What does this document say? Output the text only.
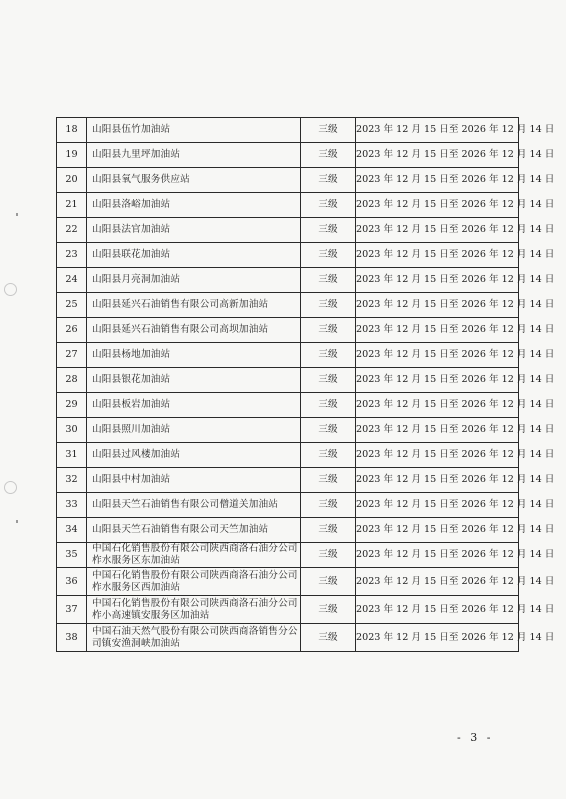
18	山阳县伍竹加油站	三级	2023 年 12 月 15 日至 2026 年 12 月 14 日
19	山阳县九里坪加油站	三级	2023 年 12 月 15 日至 2026 年 12 月 14 日
20	山阳县氧气服务供应站	三级	2023 年 12 月 15 日至 2026 年 12 月 14 日
21	山阳县洛峪加油站	三级	2023 年 12 月 15 日至 2026 年 12 月 14 日
22	山阳县法官加油站	三级	2023 年 12 月 15 日至 2026 年 12 月 14 日
23	山阳县联花加油站	三级	2023 年 12 月 15 日至 2026 年 12 月 14 日
24	山阳县月亮洞加油站	三级	2023 年 12 月 15 日至 2026 年 12 月 14 日
25	山阳县延兴石油销售有限公司高新加油站	三级	2023 年 12 月 15 日至 2026 年 12 月 14 日
26	山阳县延兴石油销售有限公司高坝加油站	三级	2023 年 12 月 15 日至 2026 年 12 月 14 日
27	山阳县杨地加油站	三级	2023 年 12 月 15 日至 2026 年 12 月 14 日
28	山阳县银花加油站	三级	2023 年 12 月 15 日至 2026 年 12 月 14 日
29	山阳县板岩加油站	三级	2023 年 12 月 15 日至 2026 年 12 月 14 日
30	山阳县照川加油站	三级	2023 年 12 月 15 日至 2026 年 12 月 14 日
31	山阳县过风楼加油站	三级	2023 年 12 月 15 日至 2026 年 12 月 14 日
32	山阳县中村加油站	三级	2023 年 12 月 15 日至 2026 年 12 月 14 日
33	山阳县天竺石油销售有限公司僧道关加油站	三级	2023 年 12 月 15 日至 2026 年 12 月 14 日
34	山阳县天竺石油销售有限公司天竺加油站	三级	2023 年 12 月 15 日至 2026 年 12 月 14 日
35	中国石化销售股份有限公司陕西商洛石油分公司柞水服务区东加油站	三级	2023 年 12 月 15 日至 2026 年 12 月 14 日
36	中国石化销售股份有限公司陕西商洛石油分公司柞水服务区西加油站	三级	2023 年 12 月 15 日至 2026 年 12 月 14 日
37	中国石化销售股份有限公司陕西商洛石油分公司柞小高速镇安服务区加油站	三级	2023 年 12 月 15 日至 2026 年 12 月 14 日
38	中国石油天然气股份有限公司陕西商洛销售分公司镇安渔洞峡加油站	三级	2023 年 12 月 15 日至 2026 年 12 月 14 日
- 3 -
